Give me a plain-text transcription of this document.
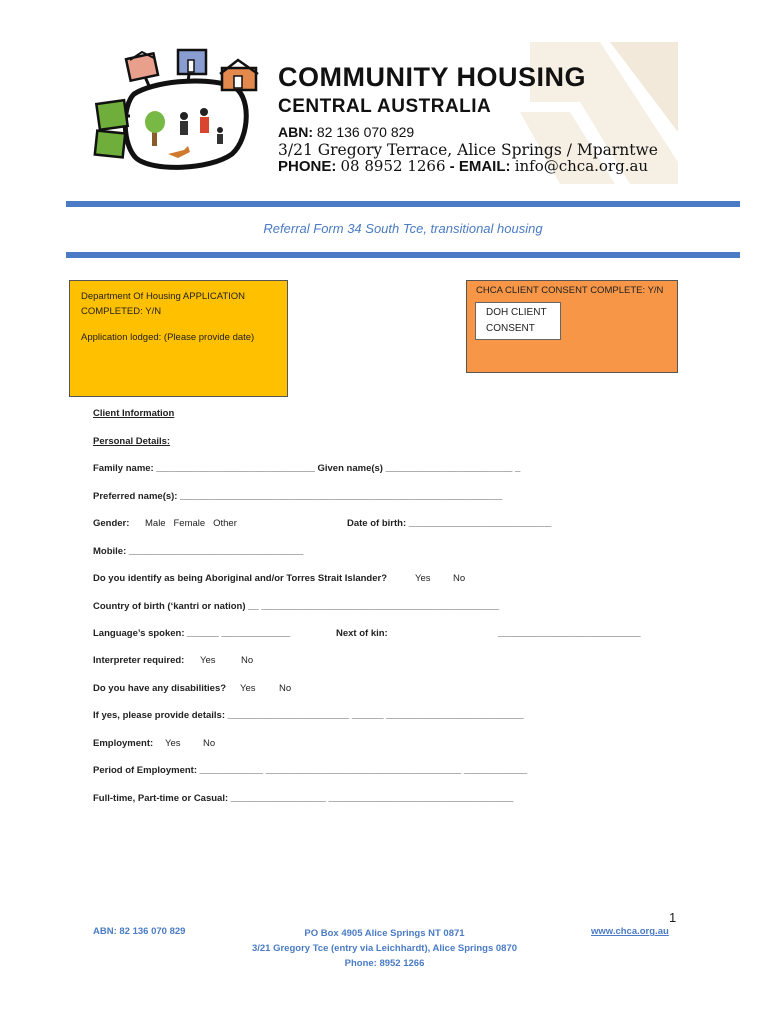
COMMUNITY HOUSING
CENTRAL AUSTRALIA
ABN: 82 136 070 829
3/21 Gregory Terrace, Alice Springs / Mparntwe
PHONE: 08 8952 1266 - EMAIL: info@chca.org.au
Referral Form 34 South Tce, transitional housing
Department Of Housing APPLICATION COMPLETED: Y/N
Application lodged: (Please provide date)
CHCA CLIENT CONSENT COMPLETE: Y/N
DOH CLIENT
CONSENT
Client Information
Personal Details:
Family name: ______________________________ Given name(s) ________________________ _
Preferred name(s): _____________________________________________________________
Gender: Male   Female   Other	Date of birth: ___________________________
Mobile: _________________________________
Do you identify as being Aboriginal and/or Torres Strait Islander?	Yes No
Country of birth (‘kantri or nation) __ _____________________________________________
Language’s spoken: ______ _____________	Next of kin:	___________________________
Interpreter required: Yes	No
Do you have any disabilities? Yes No
If yes, please provide details: _______________________ ______ __________________________
Employment: Yes No
Period of Employment: ____________ _____________________________________ ____________
Full-time, Part-time or Casual: __________________ ___________________________________
1
ABN: 82 136 070 829	PO Box 4905 Alice Springs NT 0871
3/21 Gregory Tce (entry via Leichhardt), Alice Springs 0870
Phone: 8952 1266
www.chca.org.au
